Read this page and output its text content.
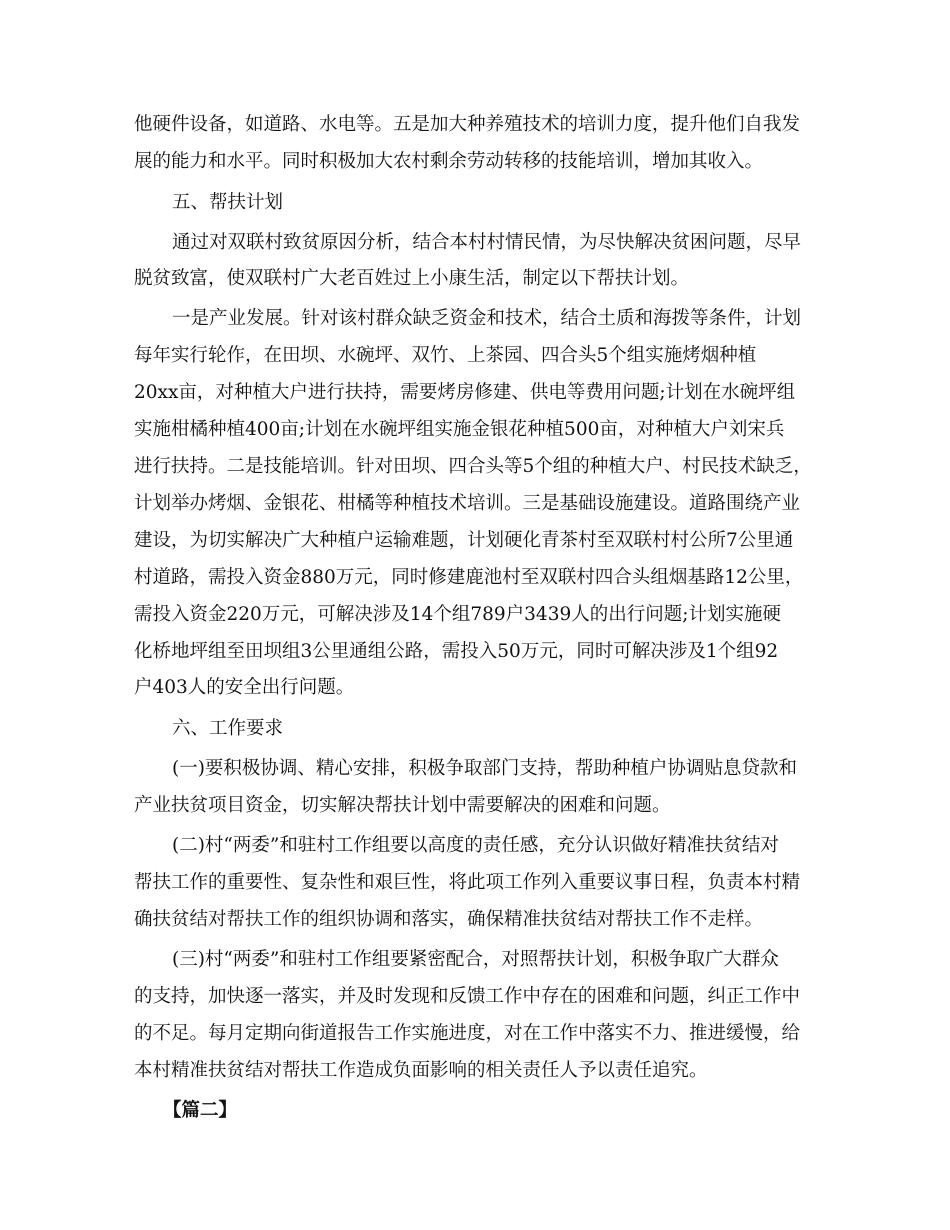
他硬件设备，如道路、水电等。五是加大种养殖技术的培训力度，提升他们自我发
展的能力和水平。同时积极加大农村剩余劳动转移的技能培训，增加其收入。
五、帮扶计划
通过对双联村致贫原因分析，结合本村村情民情，为尽快解决贫困问题，尽早
脱贫致富，使双联村广大老百姓过上小康生活，制定以下帮扶计划。
一是产业发展。针对该村群众缺乏资金和技术，结合土质和海拨等条件，计划
每年实行轮作，在田坝、水碗坪、双竹、上茶园、四合头5个组实施烤烟种植
20xx亩，对种植大户进行扶持，需要烤房修建、供电等费用问题;计划在水碗坪组
实施柑橘种植400亩;计划在水碗坪组实施金银花种植500亩，对种植大户刘宋兵
进行扶持。二是技能培训。针对田坝、四合头等5个组的种植大户、村民技术缺乏，
计划举办烤烟、金银花、柑橘等种植技术培训。三是基础设施建设。道路围绕产业
建设，为切实解决广大种植户运输难题，计划硬化青茶村至双联村村公所7公里通
村道路，需投入资金880万元，同时修建鹿池村至双联村四合头组烟基路12公里，
需投入资金220万元，可解决涉及14个组789户3439人的出行问题;计划实施硬
化桥地坪组至田坝组3公里通组公路，需投入50万元，同时可解决涉及1个组92
户403人的安全出行问题。
六、工作要求
(一)要积极协调、精心安排，积极争取部门支持，帮助种植户协调贴息贷款和
产业扶贫项目资金，切实解决帮扶计划中需要解决的困难和问题。
(二)村“两委”和驻村工作组要以高度的责任感，充分认识做好精准扶贫结对
帮扶工作的重要性、复杂性和艰巨性，将此项工作列入重要议事日程，负责本村精
确扶贫结对帮扶工作的组织协调和落实，确保精准扶贫结对帮扶工作不走样。
(三)村“两委”和驻村工作组要紧密配合，对照帮扶计划，积极争取广大群众
的支持，加快逐一落实，并及时发现和反馈工作中存在的困难和问题，纠正工作中
的不足。每月定期向街道报告工作实施进度，对在工作中落实不力、推进缓慢，给
本村精准扶贫结对帮扶工作造成负面影响的相关责任人予以责任追究。
【篇二】
